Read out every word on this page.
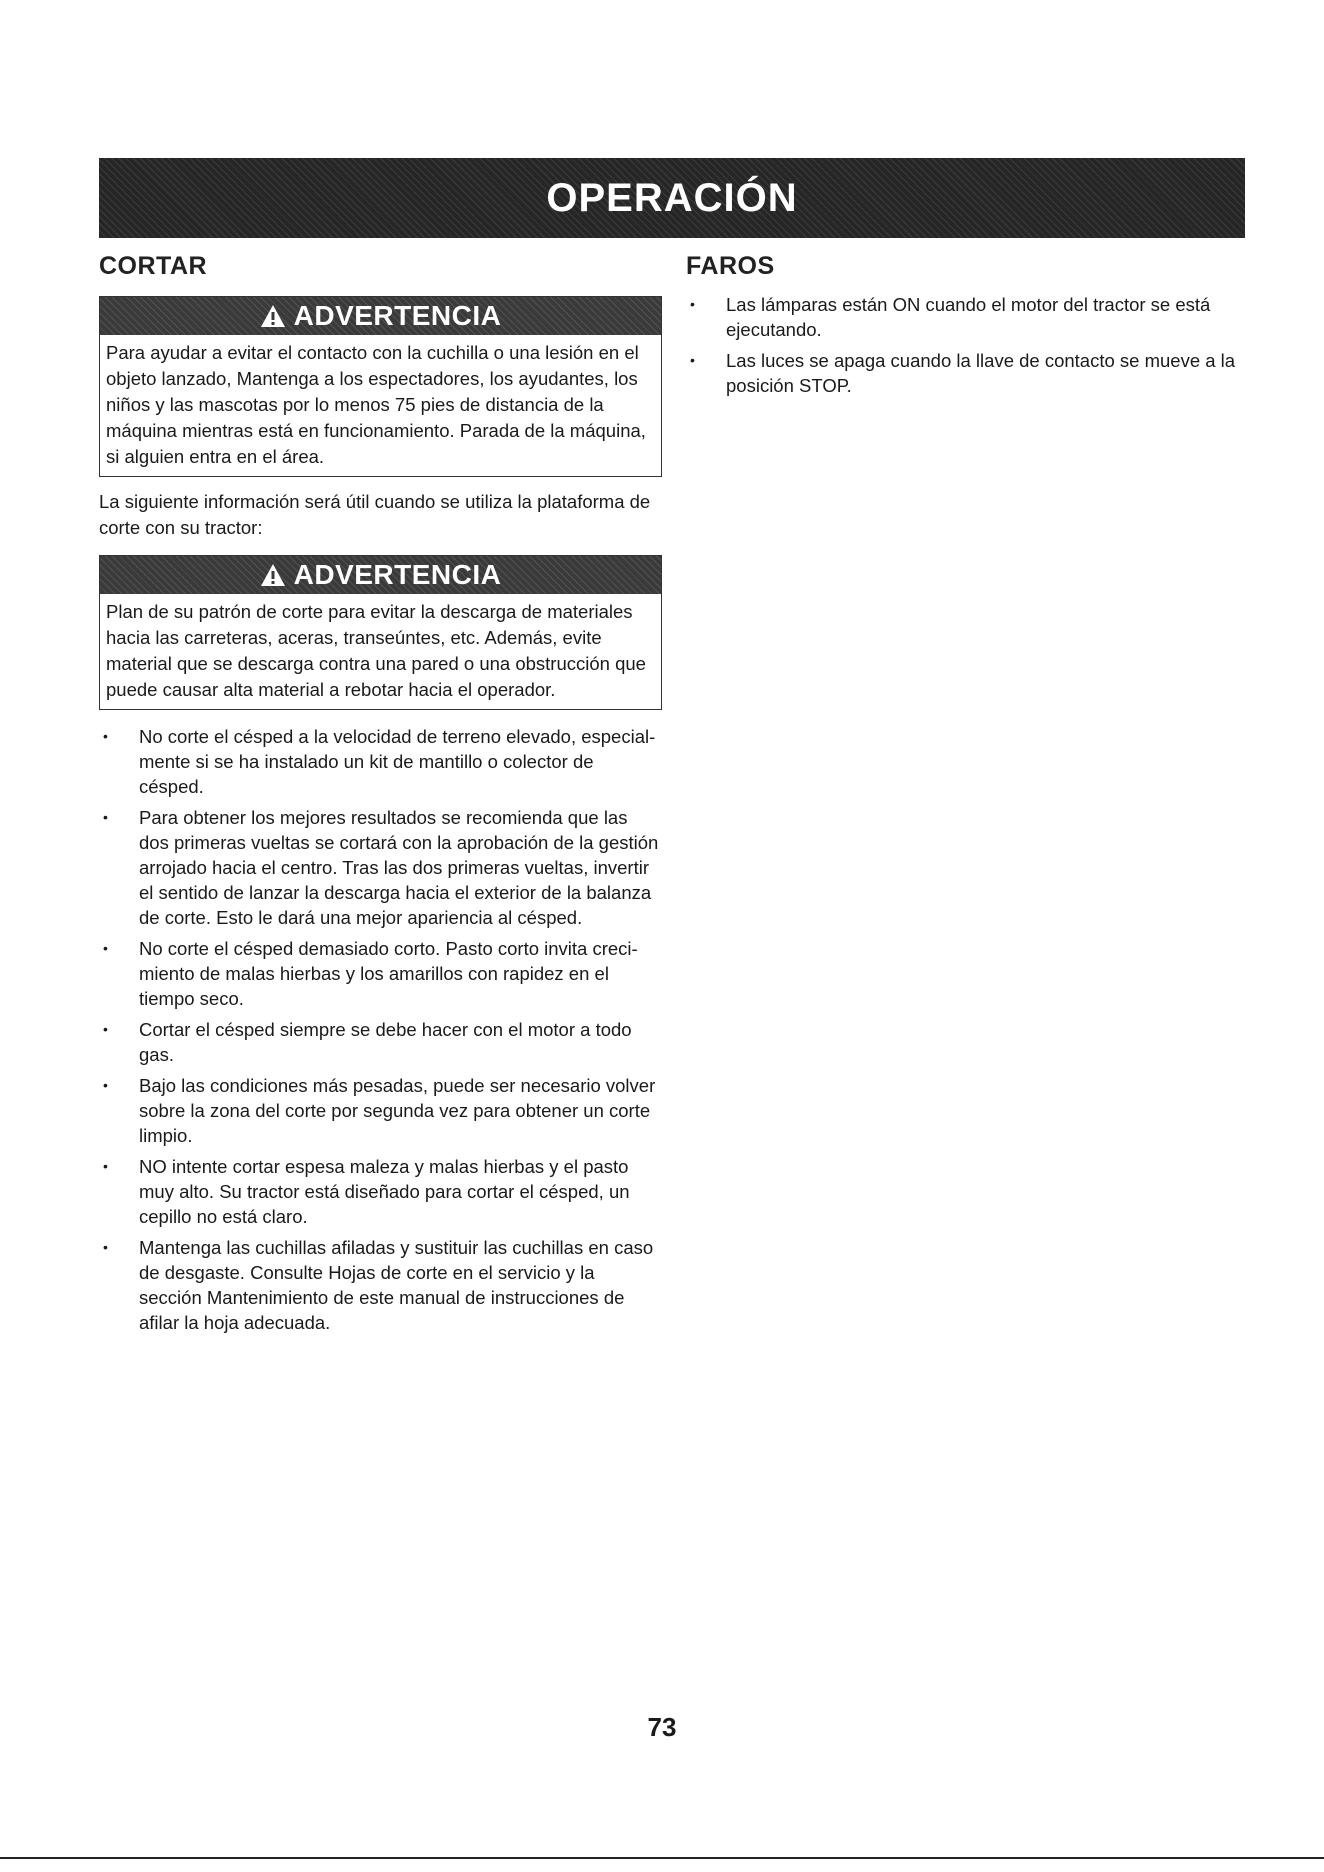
OPERACIÓN
CORTAR
ADVERTENCIA
Para ayudar a evitar el contacto con la cuchilla o una lesión en el objeto lanzado, Mantenga a los espectadores, los ayudantes, los niños y las mascotas por lo menos 75 pies de distancia de la máquina mientras está en funcionamiento. Parada de la máquina, si alguien entra en el área.

La siguiente información será útil cuando se utiliza la plataforma de corte con su tractor:

ADVERTENCIA
Plan de su patrón de corte para evitar la descarga de materiales hacia las carreteras, aceras, transeúntes, etc. Además, evite material que se descarga contra una pared o una obstrucción que puede causar alta material a rebotar hacia el operador.
• No corte el césped a la velocidad de terreno elevado, especial- mente si se ha instalado un kit de mantillo o colector de césped.
• Para obtener los mejores resultados se recomienda que las dos primeras vueltas se cortará con la aprobación de la gestión arrojado hacia el centro. Tras las dos primeras vueltas, invertir el sentido de lanzar la descarga hacia el exterior de la balanza de corte. Esto le dará una mejor apariencia al césped.
• No corte el césped demasiado corto. Pasto corto invita creci- miento de malas hierbas y los amarillos con rapidez en el tiempo seco.
• Cortar el césped siempre se debe hacer con el motor a todo gas.
• Bajo las condiciones más pesadas, puede ser necesario volver sobre la zona del corte por segunda vez para obtener un corte limpio.
• NO intente cortar espesa maleza y malas hierbas y el pasto muy alto. Su tractor está diseñado para cortar el césped, un cepillo no está claro.
• Mantenga las cuchillas afiladas y sustituir las cuchillas en caso de desgaste. Consulte Hojas de corte en el servicio y la sección Mantenimiento de este manual de instrucciones de afilar la hoja adecuada.
FAROS
• Las lámparas están ON cuando el motor del tractor se está ejecutando.
• Las luces se apaga cuando la llave de contacto se mueve a la posición STOP.
73
